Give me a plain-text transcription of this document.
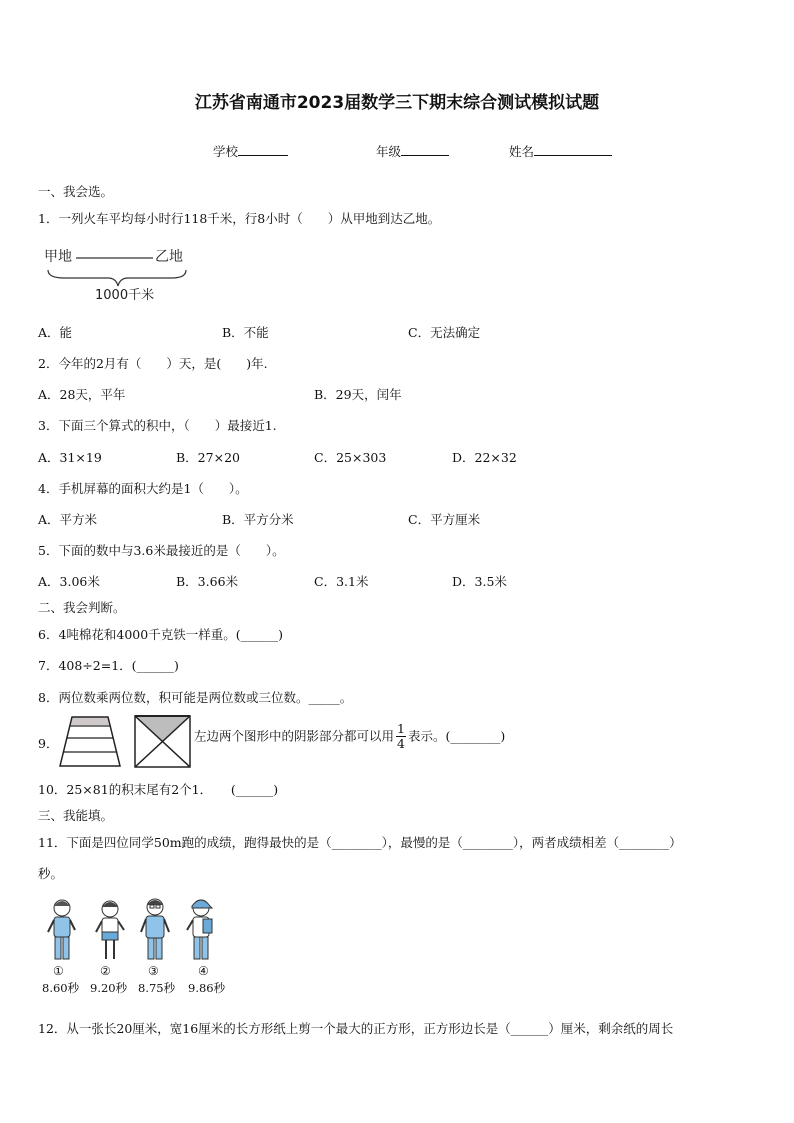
江苏省南通市2023届数学三下期末综合测试模拟试题
学校	年级	姓名
一、我会选。
1．一列火车平均每小时行118千米，行8小时（　　）从甲地到达乙地。
甲地	乙地
1000千米
A．能	B．不能	C．无法确定
2．今年的2月有（　　）天，是(　　)年.
A．28天，平年	B．29天，闰年
3．下面三个算式的积中，（　　）最接近1.
A．31×19	B．27×20	C．25×303	D．22×32
4．手机屏幕的面积大约是1（　　）。
A．平方米	B．平方分米	C．平方厘米
5．下面的数中与3.6米最接近的是（　　）。
A．3.06米	B．3.66米	C．3.1米	D．3.5米
二、我会判断。
6．4吨棉花和4000千克铁一样重。(______)
7．408÷2=1．(______)
8．两位数乘两位数，积可能是两位数或三位数。_____。
9．	左边两个图形中的阴影部分都可以用 $\frac{1}{4}$ 表示。(________)
10．25×81的积末尾有2个1．　　(______)
三、我能填。
11．下面是四位同学50m跑的成绩，跑得最快的是（________），最慢的是（________），两者成绩相差（________）
秒。
①	②	③	④
8.60秒 9.20秒 8.75秒 9.86秒
12．从一张长20厘米，宽16厘米的长方形纸上剪一个最大的正方形，正方形边长是（______）厘米，剩余纸的周长
